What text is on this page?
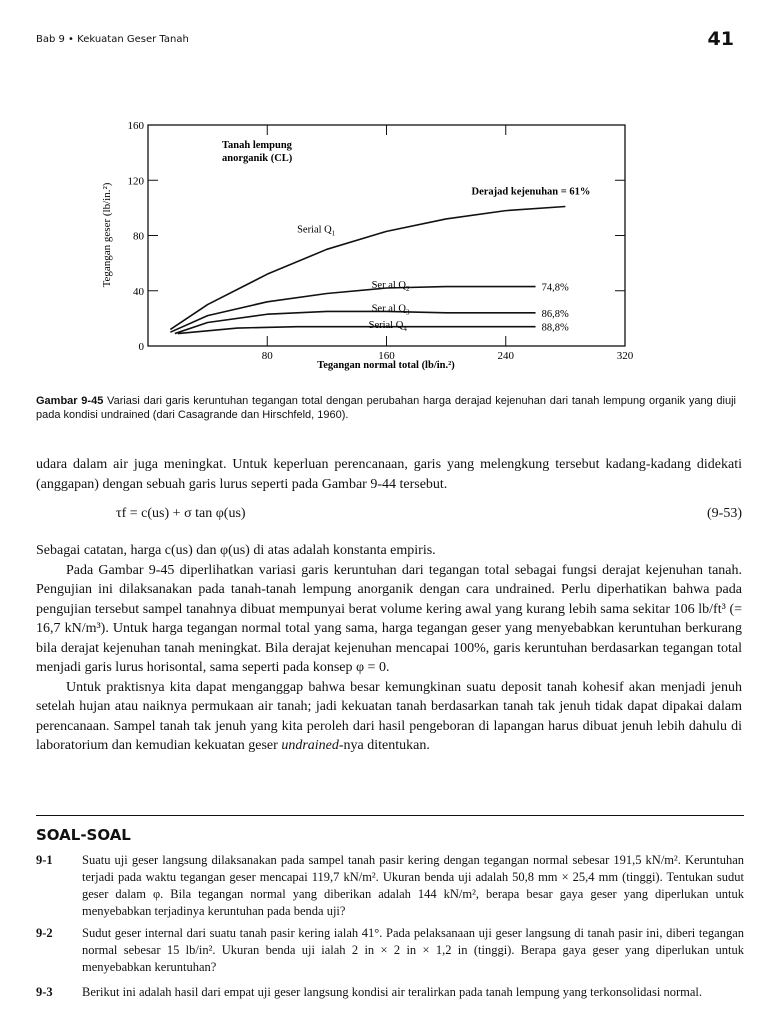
Bab 9 • Kekuatan Geser Tanah	41
80	160	240	320
0
40
80
120
160
Serial $Q_1$
Derajad kejenuhan = 61%
Ser al $Q_2$	74,8%
Ser al $Q_3$	86,8%
Serial $Q_4$	88,8%
Tanah lempung
anorganik (CL)
Tegangan normal total (lb/in.²)
Tegangan geser (lb/in.²)
Gambar 9-45 Variasi dari garis keruntuhan tegangan total dengan perubahan harga derajad kejenuhan dari tanah lempung organik yang diuji pada kondisi undrained (dari Casagrande dan Hirschfeld, 1960).

udara dalam air juga meningkat. Untuk keperluan perencanaan, garis yang melengkung tersebut kadang-kadang didekati (anggapan) dengan sebuah garis lurus seperti pada Gambar 9-44 tersebut.

τf = c(us) + σ tan φ(us)	(9-53)

Sebagai catatan, harga c(us) dan φ(us) di atas adalah konstanta empiris.

Pada Gambar 9-45 diperlihatkan variasi garis keruntuhan dari tegangan total sebagai fungsi derajat kejenuhan tanah. Pengujian ini dilaksanakan pada tanah-tanah lempung anorganik dengan cara undrained. Perlu diperhatikan bahwa pada pengujian tersebut sampel tanahnya dibuat mempunyai berat volume kering awal yang kurang lebih sama sekitar 106 lb/ft³ (= 16,7 kN/m³). Untuk harga tegangan normal total yang sama, harga tegangan geser yang menyebabkan keruntuhan berkurang bila derajat kejenuhan tanah meningkat. Bila derajat kejenuhan mencapai 100%, garis keruntuhan berdasarkan tegangan total menjadi garis lurus horisontal, sama seperti pada konsep φ = 0.

Untuk praktisnya kita dapat menganggap bahwa besar kemungkinan suatu deposit tanah kohesif akan menjadi jenuh setelah hujan atau naiknya permukaan air tanah; jadi kekuatan tanah berdasarkan tanah tak jenuh tidak dapat dipakai dalam perencanaan. Sampel tanah tak jenuh yang kita peroleh dari hasil pengeboran di lapangan harus dibuat jenuh lebih dahulu di laboratorium dan kemudian kekuatan geser undrained-nya ditentukan.

SOAL-SOAL
9-1 Suatu uji geser langsung dilaksanakan pada sampel tanah pasir kering dengan tegangan normal sebesar 191,5 kN/m². Keruntuhan terjadi pada waktu tegangan geser mencapai 119,7 kN/m². Ukuran benda uji adalah 50,8 mm × 25,4 mm (tinggi). Tentukan sudut geser dalam φ. Bila tegangan normal yang diberikan adalah 144 kN/m², berapa besar gaya geser yang diperlukan untuk menyebabkan terjadinya keruntuhan pada benda uji?
9-2 Sudut geser internal dari suatu tanah pasir kering ialah 41°. Pada pelaksanaan uji geser langsung di tanah pasir ini, diberi tegangan normal sebesar 15 lb/in². Ukuran benda uji ialah 2 in × 2 in × 1,2 in (tinggi). Berapa gaya geser yang diperlukan untuk menyebabkan keruntuhan?
9-3 Berikut ini adalah hasil dari empat uji geser langsung kondisi air teralirkan pada tanah lempung yang terkonsolidasi normal.
